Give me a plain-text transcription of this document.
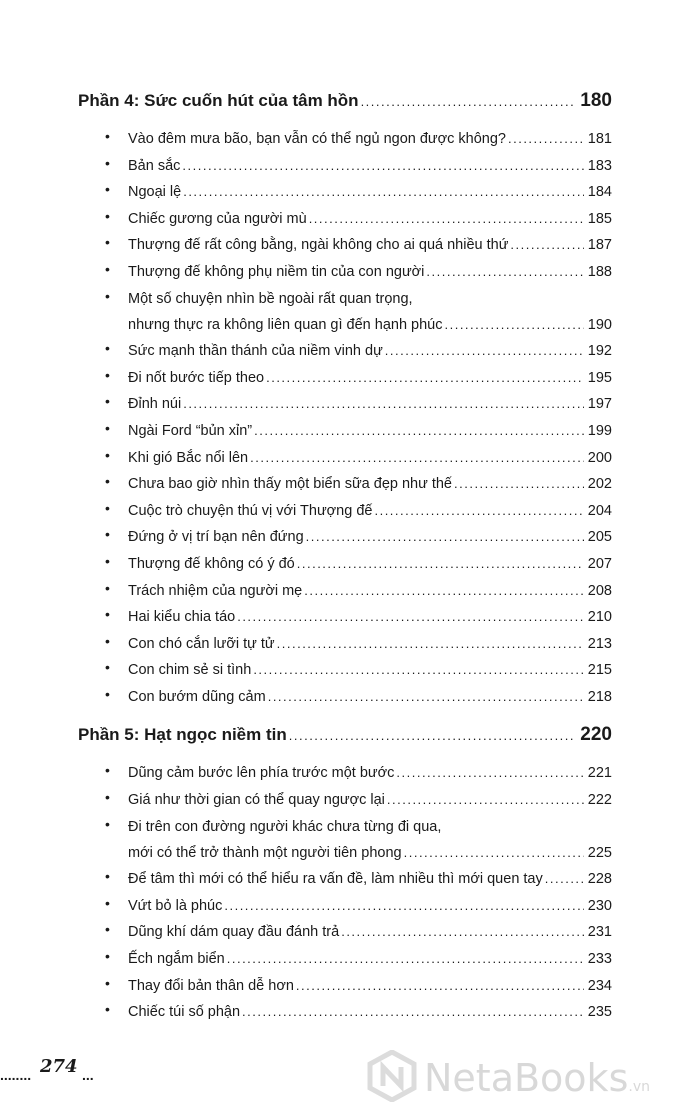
Phần 4: Sức cuốn hút của tâm hồn .....	180
• Vào đêm mưa bão, bạn vẫn có thể ngủ ngon được không? .....	181
• Bản sắc .....	183
• Ngoại lệ .....	184
• Chiếc gương của người mù .....	185
• Thượng đế rất công bằng, ngài không cho ai quá nhiều thứ .....	187
• Thượng đế không phụ niềm tin của con người .....	188
• Một số chuyện nhìn bề ngoài rất quan trọng,
nhưng thực ra không liên quan gì đến hạnh phúc .....	190
• Sức mạnh thần thánh của niềm vinh dự .....	192
• Đi nốt bước tiếp theo .....	195
• Đỉnh núi .....	197
• Ngài Ford “bủn xỉn” .....	199
• Khi gió Bắc nổi lên .....	200
• Chưa bao giờ nhìn thấy một biển sữa đẹp như thế .....	202
• Cuộc trò chuyện thú vị với Thượng đế .....	204
• Đứng ở vị trí bạn nên đứng .....	205
• Thượng đế không có ý đó .....	207
• Trách nhiệm của người mẹ .....	208
• Hai kiểu chia táo .....	210
• Con chó cắn lưỡi tự tử .....	213
• Con chim sẻ si tình .....	215
• Con bướm dũng cảm .....	218
Phần 5: Hạt ngọc niềm tin .....	220
• Dũng cảm bước lên phía trước một bước .....	221
• Giá như thời gian có thể quay ngược lại .....	222
• Đi trên con đường người khác chưa từng đi qua,
mới có thể trở thành một người tiên phong .....	225
• Để tâm thì mới có thể hiểu ra vấn đề, làm nhiều thì mới quen tay .....	228
• Vứt bỏ là phúc .....	230
• Dũng khí dám quay đầu đánh trả .....	231
• Ếch ngắm biển .....	233
• Thay đổi bản thân dễ hơn .....	234
• Chiếc túi số phận .....	235
........ 274 ...	NetaBooks.vn
